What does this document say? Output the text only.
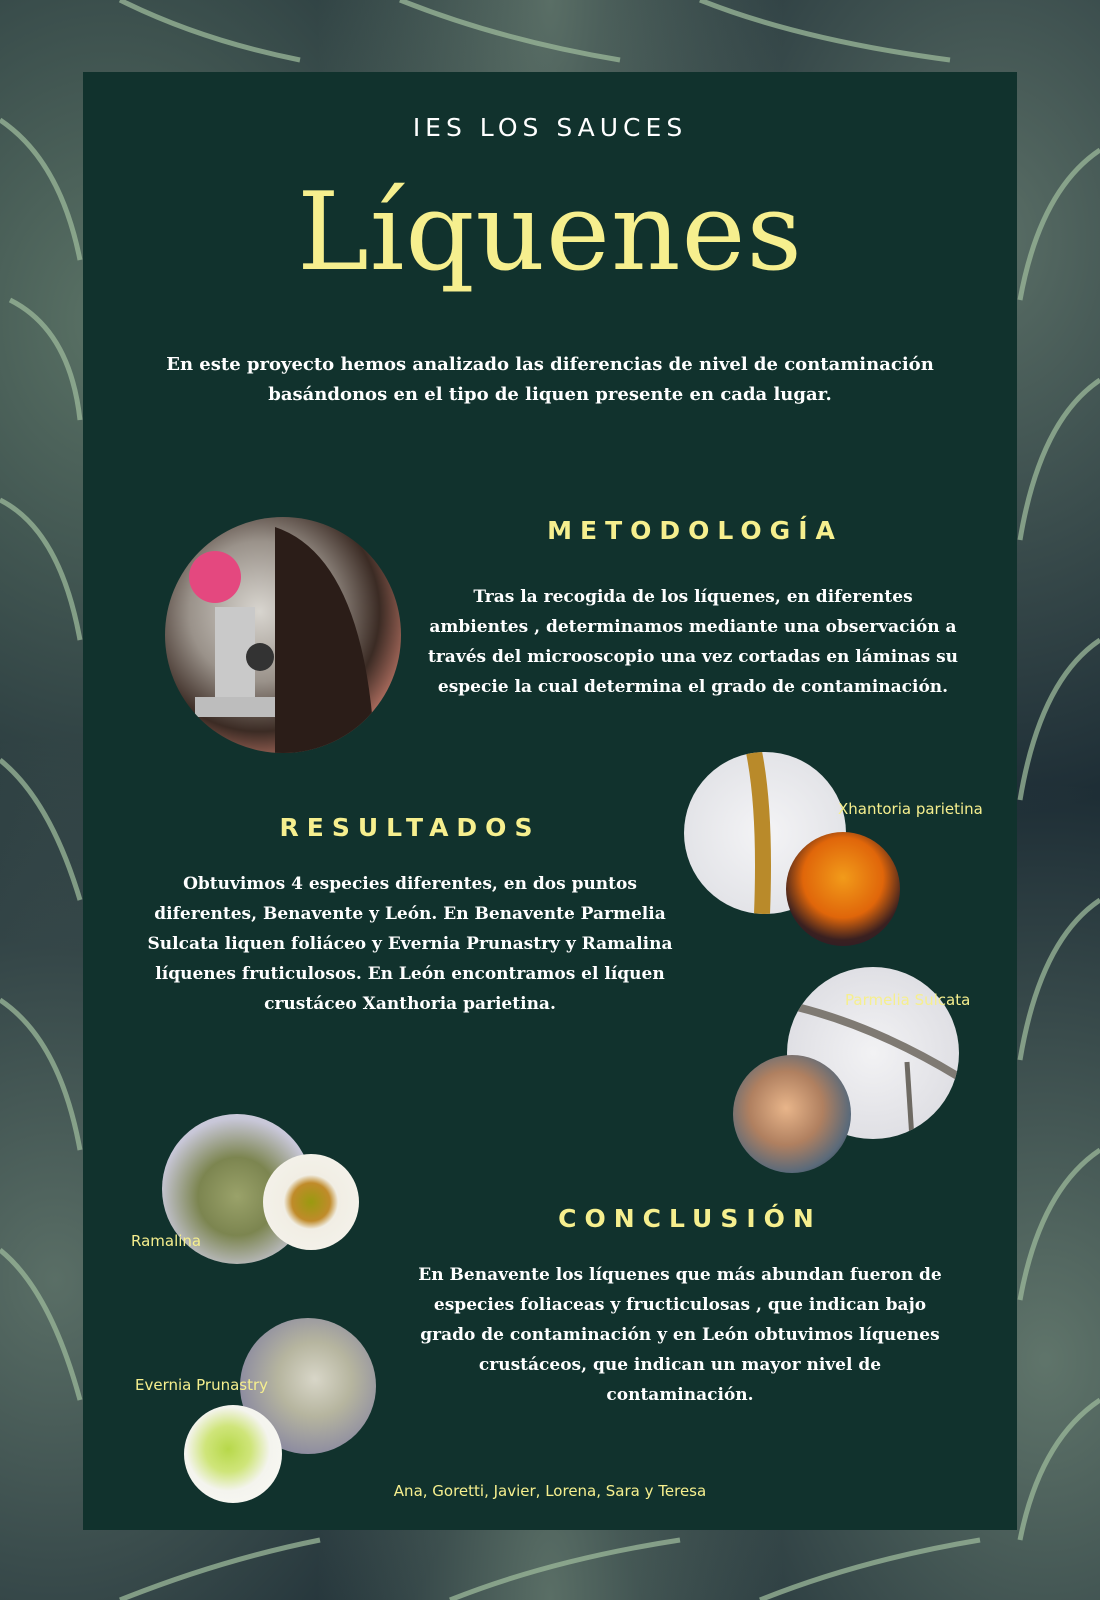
IES LOS SAUCES
Líquenes
En este proyecto hemos analizado las diferencias de nivel de contaminación basándonos en el tipo de liquen presente en cada lugar.
METODOLOGÍA
Tras la recogida de los líquenes, en diferentes ambientes , determinamos mediante una observación a través del microoscopio una vez cortadas en láminas su especie la cual determina el grado de contaminación.
RESULTADOS
Obtuvimos 4 especies diferentes, en dos puntos diferentes, Benavente y León. En Benavente Parmelia Sulcata liquen foliáceo y Evernia Prunastry y Ramalina líquenes fruticulosos. En León encontramos el líquen crustáceo Xanthoria parietina.
Xhantoria parietina
Parmelia Sulcata
CONCLUSIÓN
En Benavente los líquenes que más abundan fueron de especies foliaceas y fructiculosas , que indican bajo grado de contaminación y en León obtuvimos líquenes crustáceos, que indican un mayor nivel de contaminación.
Ramalina
Evernia Prunastry
Ana, Goretti, Javier, Lorena, Sara y Teresa
